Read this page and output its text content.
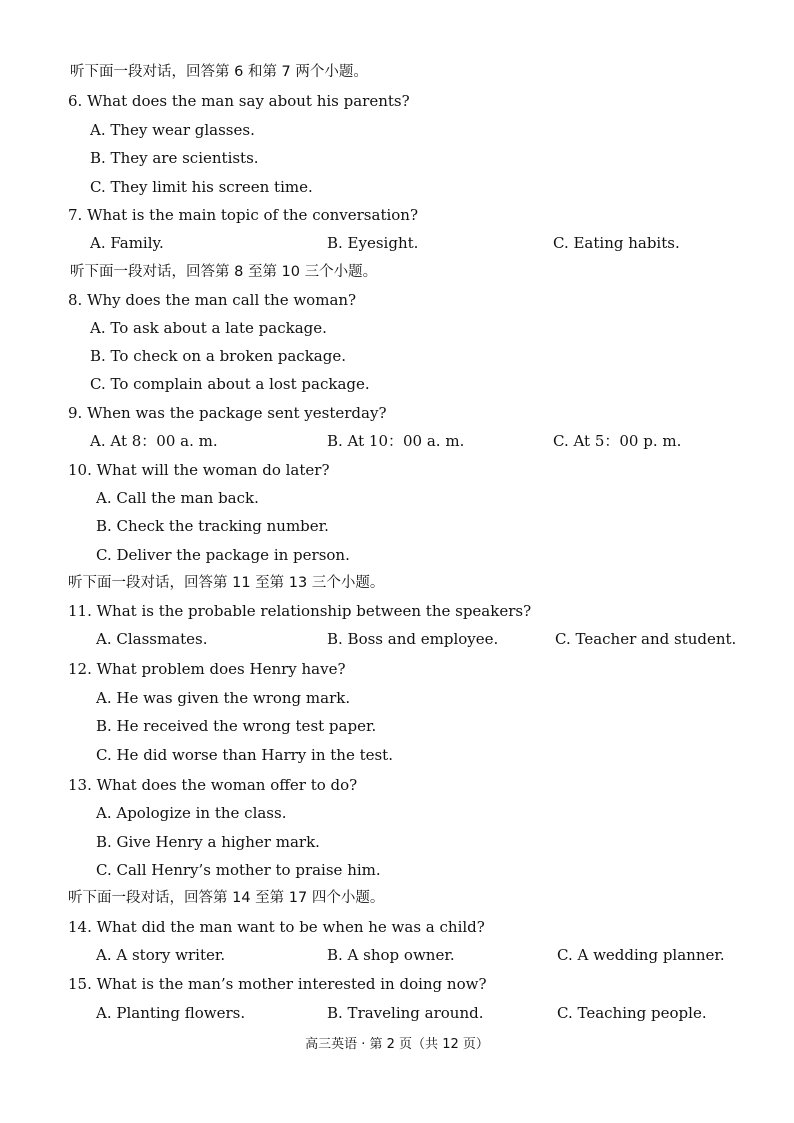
听下面一段对话，回答第 6 和第 7 两个小题。
6. What does the man say about his parents?
A. They wear glasses.
B. They are scientists.
C. They limit his screen time.
7. What is the main topic of the conversation?
A. Family.	B. Eyesight.	C. Eating habits.
听下面一段对话，回答第 8 至第 10 三个小题。
8. Why does the man call the woman?
A. To ask about a late package.
B. To check on a broken package.
C. To complain about a lost package.
9. When was the package sent yesterday?
A. At 8：00 a. m.	B. At 10：00 a. m.	C. At 5：00 p. m.
10. What will the woman do later?
A. Call the man back.
B. Check the tracking number.
C. Deliver the package in person.
听下面一段对话，回答第 11 至第 13 三个小题。
11. What is the probable relationship between the speakers?
A. Classmates.	B. Boss and employee.	C. Teacher and student.
12. What problem does Henry have?
A. He was given the wrong mark.
B. He received the wrong test paper.
C. He did worse than Harry in the test.
13. What does the woman offer to do?
A. Apologize in the class.
B. Give Henry a higher mark.
C. Call Henry’s mother to praise him.
听下面一段对话，回答第 14 至第 17 四个小题。
14. What did the man want to be when he was a child?
A. A story writer.	B. A shop owner.	C. A wedding planner.
15. What is the man’s mother interested in doing now?
A. Planting flowers.	B. Traveling around.	C. Teaching people.
高三英语 · 第 2 页（共 12 页）
